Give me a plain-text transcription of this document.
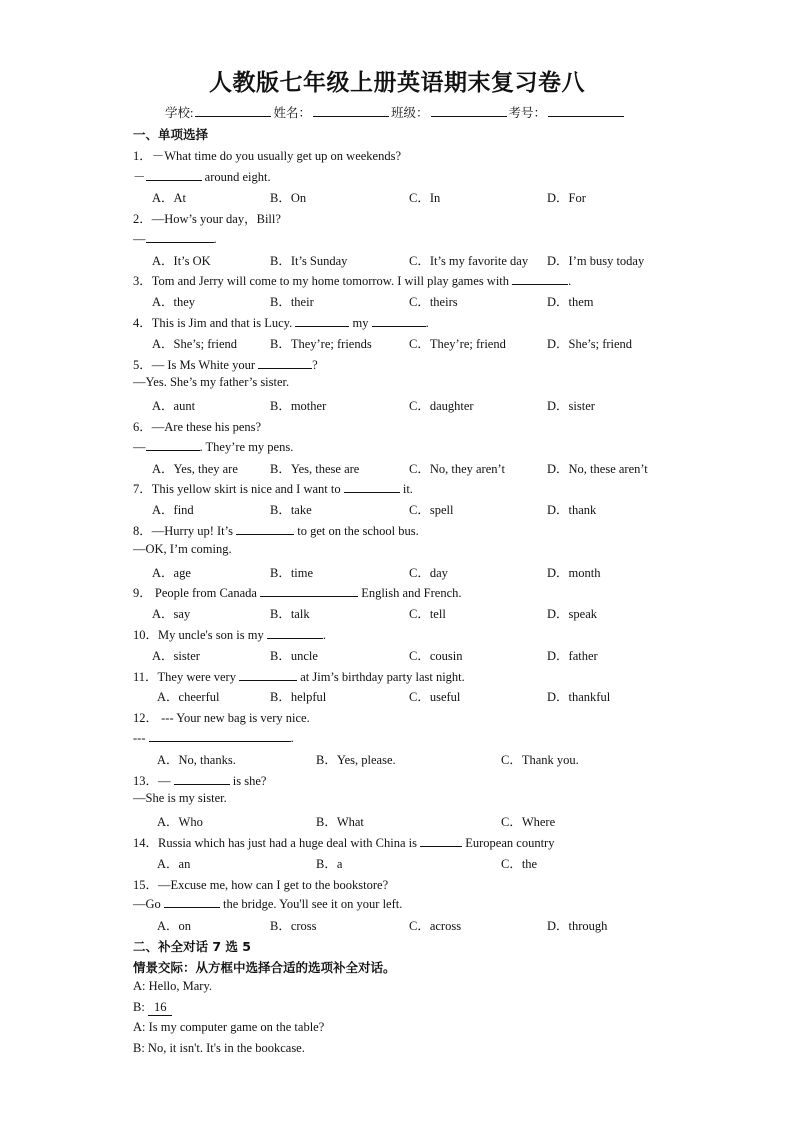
人教版七年级上册英语期末复习卷八
学校:	姓名：	班级：	考号：
一、单项选择
1．－What time do you usually get up on weekends?
－	around eight.
A．At	B．On	C．In	D．For
2．—How’s your day，Bill?
—	.
A．It’s OK	B．It’s Sunday	C．It’s my favorite day D．I’m busy today
3．Tom and Jerry will come to my home tomorrow. I will play games with	.
A．they	B．their	C．theirs	D．them
4．This is Jim and that is Lucy.	my	.
A．She’s; friend	B．They’re; friends	C．They’re; friend	D．She’s; friend
5．–– Is Ms White your	?
––Yes. She’s my father’s sister.
A．aunt	B．mother	C．daughter	D．sister
6．—Are these his pens?
—	. They’re my pens.
A．Yes, they are	B．Yes, these are	C．No, they aren’t	D．No, these aren’t
7．This yellow skirt is nice and I want to	it.
A．find	B．take	C．spell	D．thank
8．—Hurry up! It’s	to get on the school bus.
—OK, I’m coming.
A．age	B．time	C．day	D．month
9． People from Canada	English and French.
A．say	B．talk	C．tell	D．speak
10．My uncle's son is my	.
A．sister	B．uncle	C．cousin	D．father
11．They were very	at Jim’s birthday party last night.
A．cheerful	B．helpful	C．useful	D．thankful
12． --- Your new bag is very nice.
---	.
A．No, thanks.	B．Yes, please.	C．Thank you.
13．—	is she?
—She is my sister.
A．Who	B．What	C．Where
14．Russia which has just had a huge deal with China is	European country
A．an	B．a	C．the
15．—Excuse me, how can I get to the bookstore?
—Go	the bridge. You'll see it on your left.
A．on	B．cross	C．across	D．through
二、补全对话 7 选 5
情景交际：从方框中选择合适的选项补全对话。
A: Hello, Mary.
B: 16
A: Is my computer game on the table?
B: No, it isn't. It's in the bookcase.
